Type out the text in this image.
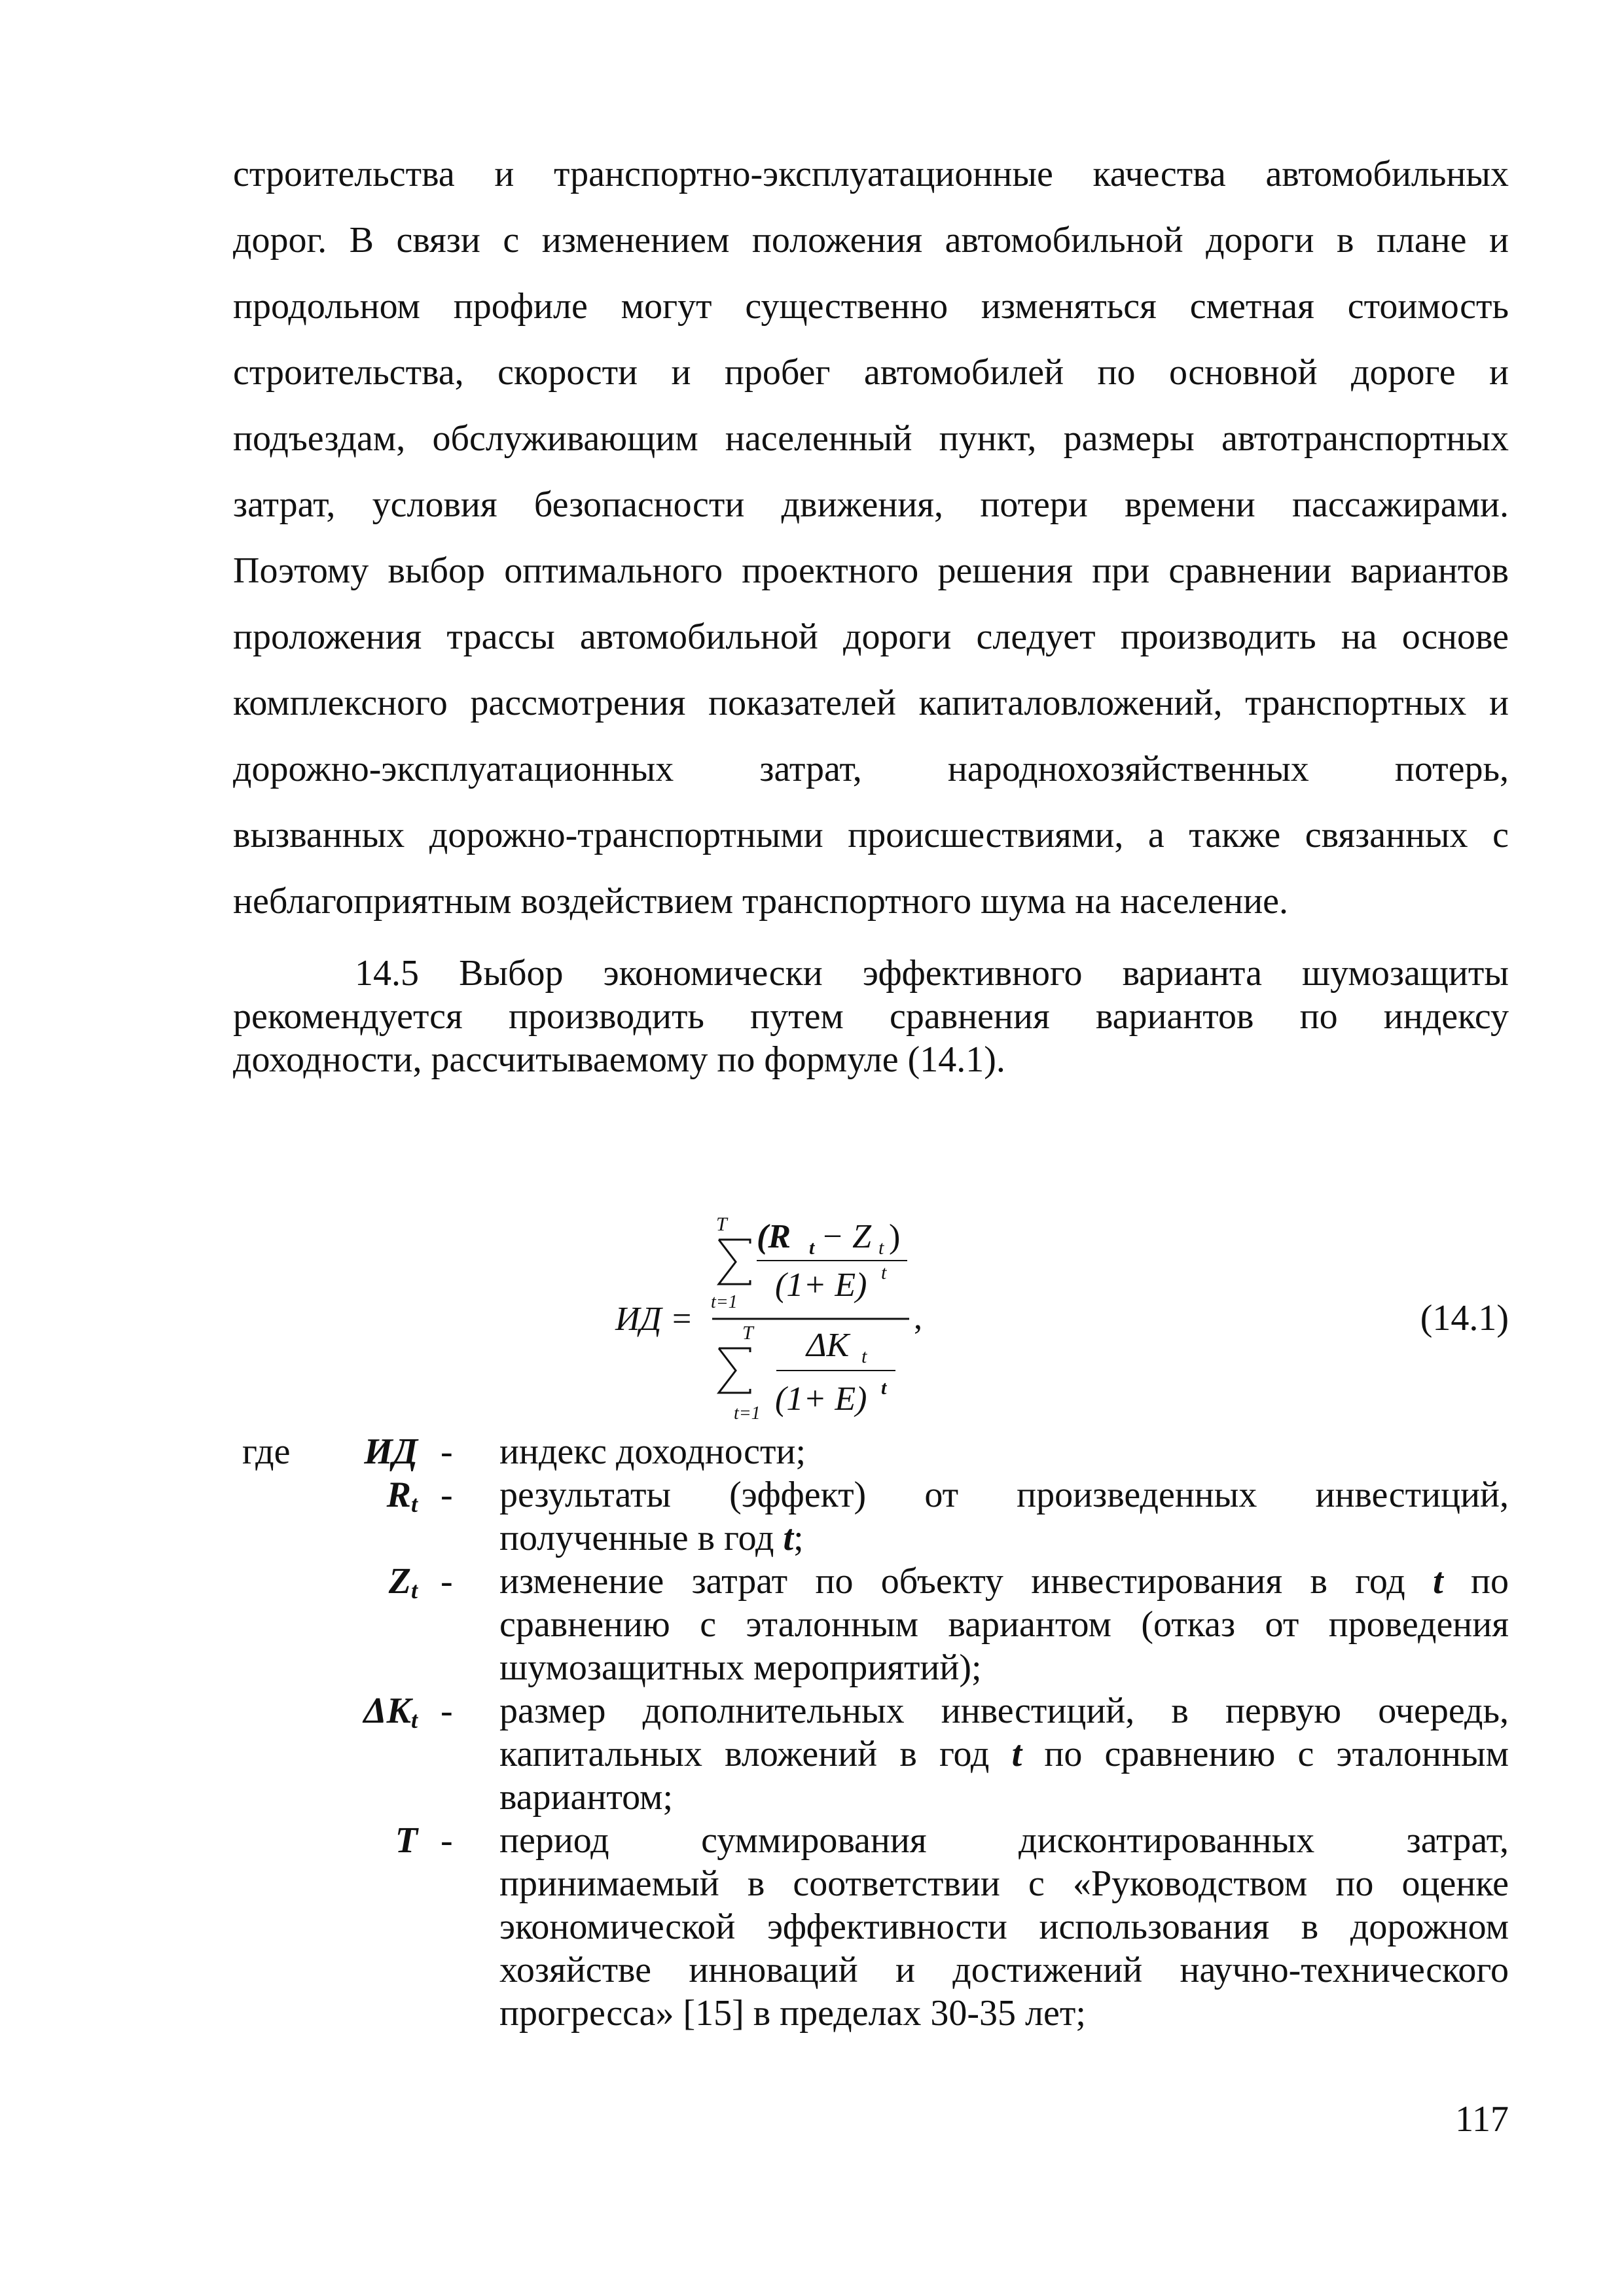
строительства и транспортно-эксплуатационные качества автомобильных
дорог. В связи с изменением положения автомобильной дороги в плане и
продольном профиле могут существенно изменяться сметная стоимость
строительства, скорости и пробег автомобилей по основной дороге и
подъездам, обслуживающим населенный пункт, размеры автотранспортных
затрат, условия безопасности движения, потери времени пассажирами.
Поэтому выбор оптимального проектного решения при сравнении вариантов
проложения трассы автомобильной дороги следует производить на основе
комплексного рассмотрения показателей капиталовложений, транспортных и
дорожно-эксплуатационных затрат, народнохозяйственных потерь,
вызванных дорожно-транспортными происшествиями, а также связанных с
неблагоприятным воздействием транспортного шума на население.

14.5 Выбор экономически эффективного варианта шумозащиты
рекомендуется производить путем сравнения вариантов по индексу
доходности, рассчитываемому по формуле (14.1).

ИД =
T
t=1
(R t − Z t )
(1+ E) t
T
t=1
ΔK t
(1+ E) t
,	(14.1)
где ИД - индекс доходности;
$R_t$ - результаты (эффект) от произведенных инвестиций,
полученные в год t;
$Z_t$ - изменение затрат по объекту инвестирования в год t по
сравнению с эталонным вариантом (отказ от проведения
шумозащитных мероприятий);
$\Delta K_t$ - размер дополнительных инвестиций, в первую очередь,
капитальных вложений в год t по сравнению с эталонным
вариантом;
T - период суммирования дисконтированных затрат,
принимаемый в соответствии с «Руководством по оценке
экономической эффективности использования в дорожном
хозяйстве инноваций и достижений научно-технического
прогресса» [15] в пределах 30-35 лет;
117
